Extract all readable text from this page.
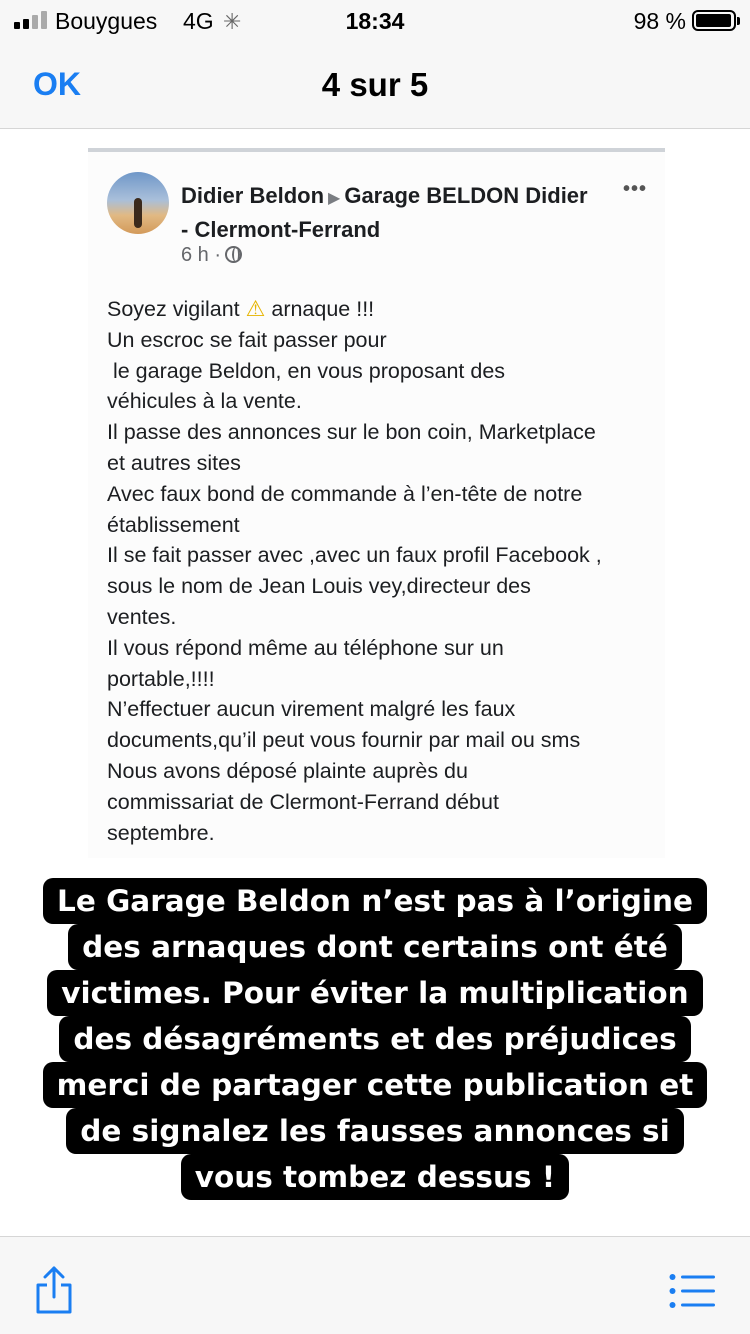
Bouygues 4G ✳	18:34	98 %
OK	4 sur 5
Didier Beldon ▶ Garage BELDON Didier - Clermont-Ferrand
6 h ·
•••
Soyez vigilant ⚠ arnaque !!!
Un escroc se fait passer pour
le garage Beldon, en vous proposant des
véhicules à la vente.
Il passe des annonces sur le bon coin, Marketplace
et autres sites
Avec faux bond de commande à l’en-tête de notre
établissement
Il se fait passer avec ,avec un faux profil Facebook ,
sous le nom de Jean Louis vey,directeur des
ventes.
Il vous répond même au téléphone sur un
portable,!!!!
N’effectuer aucun virement malgré les faux
documents,qu’il peut vous fournir par mail ou sms
Nous avons déposé plainte auprès du
commissariat de Clermont-Ferrand début
septembre.
Le Garage Beldon n’est pas à l’origine
des arnaques dont certains ont été
victimes. Pour éviter la multiplication
des désagréments et des préjudices
merci de partager cette publication et
de signalez les fausses annonces si
vous tombez dessus !
